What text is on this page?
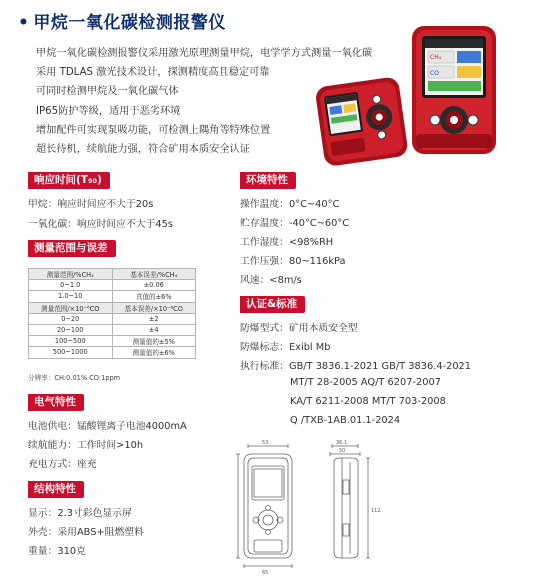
• 甲烷一氧化碳检测报警仪
甲烷一氧化碳检测报警仪采用激光原理测量甲烷，电学学方式测量一氧化碳
采用 TDLAS 激光技术设计，探测精度高且稳定可靠
可同时检测甲烷及一氧化碳气体
IP65防护等级，适用于恶劣环境
增加配件可实现泵吸功能，可检测上隅角等特殊位置
超长待机，续航能力强，符合矿用本质安全认证
CH₄
CO
响应时间(T₉₀)
甲烷：响应时间应不大于20s
一氧化碳：响应时间应不大于45s
测量范围与误差
测量范围/%CH₄	基本误差/%CH₄
0~1.0	±0.06
1.0~10	真值的±6%
测量范围/×10⁻⁶CO	基本误差/×10⁻⁶CO
0~20	±2
20~100	±4
100~500	测量值的±5%
500~1000	测量值的±6%
分辨率：CH:0.01% CO:1ppm
电气特性
电池供电：锰酸锂离子电池4000mA
续航能力：工作时间>10h
充电方式：座充
结构特性
显示：2.3寸彩色显示屏
外壳：采用ABS+阻燃塑料
重量：310克
环境特性
操作温度：0°C~40°C
贮存温度：-40°C~60°C
工作湿度：<98%RH
工作压强：80~116kPa
风速：<8m/s
认证&标准
防爆型式：矿用本质安全型
防爆标志：Exibl Mb
执行标准：GB/T 3836.1-2021 GB/T 3836.4-2021
MT/T 28-2005 AQ/T 6207-2007
KA/T 6211-2008 MT/T 703-2008
Q /TXB-1AB.01.1-2024
53
65
36.1
50
112
